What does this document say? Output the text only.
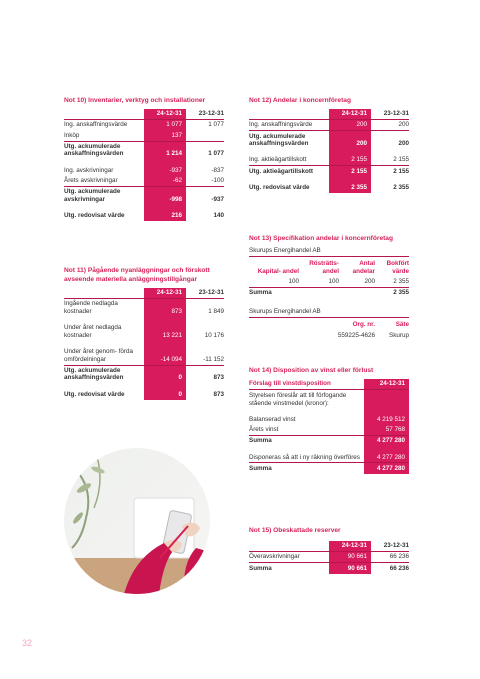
Not 10) Inventarier, verktyg och installationer
	24-12-31	23-12-31
Ing. anskaffningsvärde	1 077	1 077
Inköp	137	
Utg. ackumulerade anskaffningsvärden	1 214	1 077

Ing. avskrivningar	-937	-837
Årets avskrivningar	-62	-100
Utg. ackumulerade avskrivningar	-998	-937

Utg. redovisat värde	216	140
Not 11) Pågående nyanläggningar och förskott avseende materiella anläggningstillgångar
	24-12-31	23-12-31
Ingående nedlagda kostnader	873	1 849

Under året nedlagda kostnader	13 221	10 176

Under året genom- förda omfördelningar	-14 094	-11 152
Utg. ackumulerade anskaffningsvärden	0	873

Utg. redovisat värde	0	873
Not 12) Andelar i koncernföretag
	24-12-31	23-12-31
Ing. anskaffningsvärde	200	200
Utg. ackumulerade anskaffningsvärden	200	200

Ing. aktieägartillskott	2 155	2 155
Utg. aktieägartillskott	2 155	2 155

Utg. redovisat värde	2 355	2 355
Not 13) Specifikation andelar i koncernföretag
Skurups Energihandel AB
Kapital- andel	Rösträtts- andel	Antal andelar	Bokfört värde
100	100	200	2 355
Summa			2 355
Skurups Energihandel AB
	Org. nr.	Säte
	559225-4626	Skurup
Not 14) Disposition av vinst eller förlust
Förslag till vinstdisposition	24-12-31
Styrelsen föreslår att till förfogande stående vinstmedel (kronor):	

Balanserad vinst	4 219 512
Årets vinst	57 768
Summa	4 277 280

Disponeras så att i ny räkning överföres	4 277 280
Summa	4 277 280
Not 15) Obeskattade reserver
	24-12-31	23-12-31
Överavskrivningar	90 661	66 236
Summa	90 661	66 236
32
